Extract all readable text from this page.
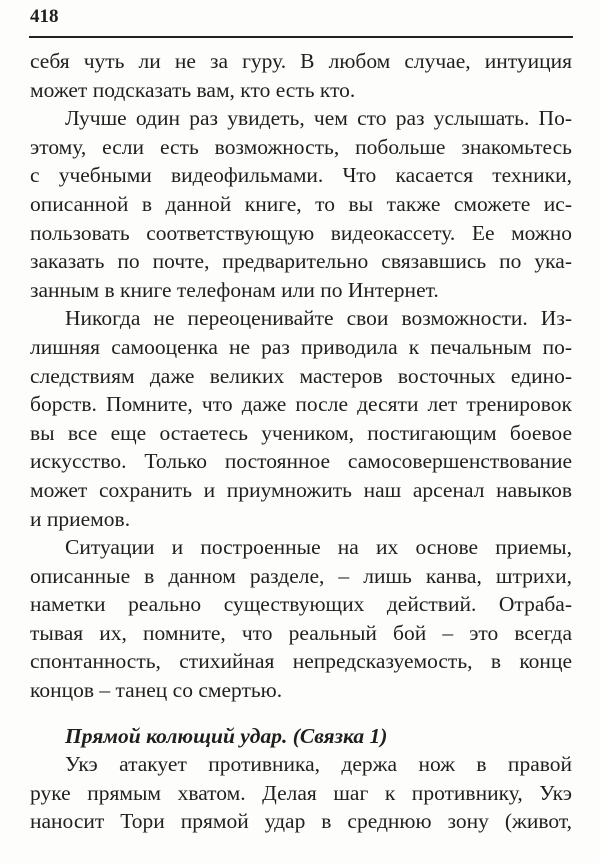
418
себя чуть ли не за гуру. В любом случае, интуиция
может подсказать вам, кто есть кто.
Лучше один раз увидеть, чем сто раз услышать. По-
этому, если есть возможность, побольше знакомьтесь
с учебными видеофильмами. Что касается техники,
описанной в данной книге, то вы также сможете ис-
пользовать соответствующую видеокассету. Ее можно
заказать по почте, предварительно связавшись по ука-
занным в книге телефонам или по Интернет.
Никогда не переоценивайте свои возможности. Из-
лишняя самооценка не раз приводила к печальным по-
следствиям даже великих мастеров восточных едино-
борств. Помните, что даже после десяти лет тренировок
вы все еще остаетесь учеником, постигающим боевое
искусство. Только постоянное самосовершенствование
может сохранить и приумножить наш арсенал навыков
и приемов.
Ситуации и построенные на их основе приемы,
описанные в данном разделе, – лишь канва, штрихи,
наметки реально существующих действий. Отраба-
тывая их, помните, что реальный бой – это всегда
спонтанность, стихийная непредсказуемость, в конце
концов – танец со смертью.
Прямой колющий удар. (Связка 1)
Укэ атакует противника, держа нож в правой
руке прямым хватом. Делая шаг к противнику, Укэ
наносит Тори прямой удар в среднюю зону (живот,
